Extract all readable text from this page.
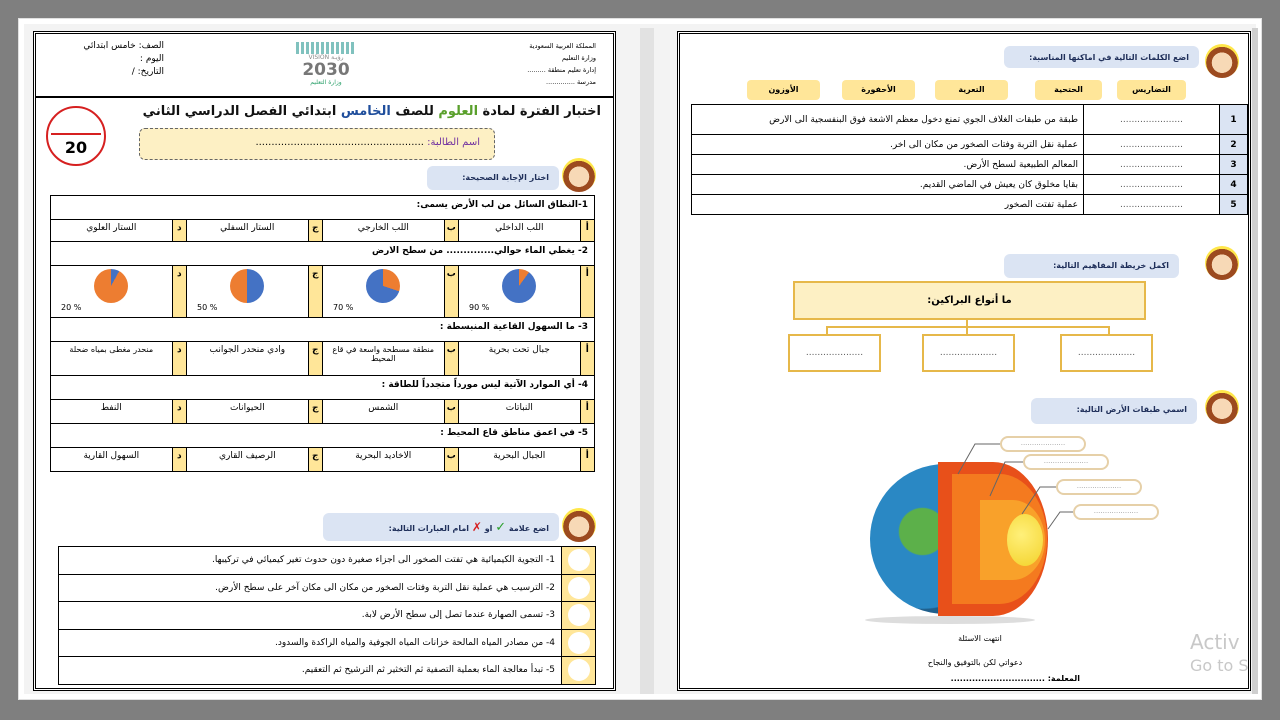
الصف: خامس ابتدائي
اليوم :
التاريخ: /
VISION رؤيـة
2030
وزارة التعليم
المملكة العربية السعودية
وزارة التعليم
إدارة تعليم منطقة .........
مدرسة ..............
اختبار الفترة لمادة العلوم للصف الخامس ابتدائي الفصل الدراسي الثاني
اسم الطالبة: .....................................................
20
اختار الإجابة الصحيحة:
1-النطاق السائل من لب الأرض يسمى:							
أ	اللب الداخلي	ب	اللب الخارجي	ج	الستار السفلي	د	الستار العلوي
2- يغطي الماء حوالي.............. من سطح الارض							
أ	% 90	ب	% 70	ج	% 50	د	% 20

3- ما السهول القاعية المنبسطة :							
أ	جبال تحت بحرية	ب	منطقة مسطحة واسعة في قاع المحيط	ج	وادي منحدر الجوانب	د	منحدر مغطى بمياه ضحلة
4- أي الموارد الآتية ليس مورداً متجدداً للطاقة :							
أ	النباتات	ب	الشمس	ج	الحيوانات	د	النفط
5- في اعمق مناطق قاع المحيط :							
أ	الجبال البحرية	ب	الاخاديد البحرية	ج	الرصيف القاري	د	السهول القارية
اضع علامة ✓ او ✗ امام العبارات التالية:
	1- التجوية الكيميائية هي تفتت الصخور الى اجزاء صغيرة دون حدوث تغير كيميائي في تركيبها.

	2- الترسيب هي عملية نقل التربة وفتات الصخور من مكان الى مكان آخر على سطح الأرض.

	3- تسمى الصهارة عندما تصل إلى سطح الأرض لابة.

	4- من مصادر المياه المالحة خزانات المياه الجوفية والمياه الراكدة والسدود.

	5- تبدأ معالجة الماء بعملية التصفية ثم التخثير ثم الترشيح ثم التعقيم.
اضع الكلمات التالية في اماكنها المناسبة:
التضاريس
الحتحية
التعرية
الأحفورة
الأوزون
1	......................	طبقة من طبقات الغلاف الجوي تمنع دخول معظم الاشعة فوق البنفسجية الى الارض
2	......................	عملية نقل التربة وفتات الصخور من مكان الى اخر.
3	......................	المعالم الطبيعية لسطح الأرض.
4	......................	بقايا مخلوق كان يعيش في الماضي القديم.
5	......................	عملية تفتت الصخور
اكمل خريطة المفاهيم التالية:
ما أنواع البراكين:
....................
....................
....................
اسمي طبقات الأرض التالية:
....................
....................
....................
....................
انتهت الاسئلة
دعواتي لكن بالتوفيق والنجاح
المعلمة: ...............................
Activ
Go to S
